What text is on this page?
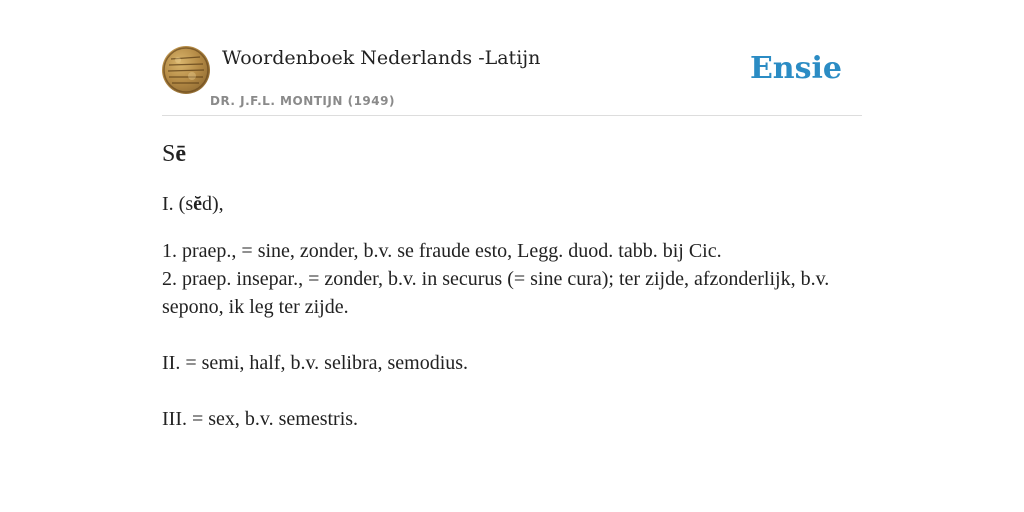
Woordenboek Nederlands -Latijn
DR. J.F.L. MONTIJN (1949)
Ensie
Sē

I. (sĕd),

1. praep., = sine, zonder, b.v. se fraude esto, Legg. duod. tabb. bij Cic.

2. praep. insepar., = zonder, b.v. in securus (= sine cura); ter zijde, afzonderlijk, b.v.

sepono, ik leg ter zijde.

II. = semi, half, b.v. selibra, semodius.

III. = sex, b.v. semestris.
